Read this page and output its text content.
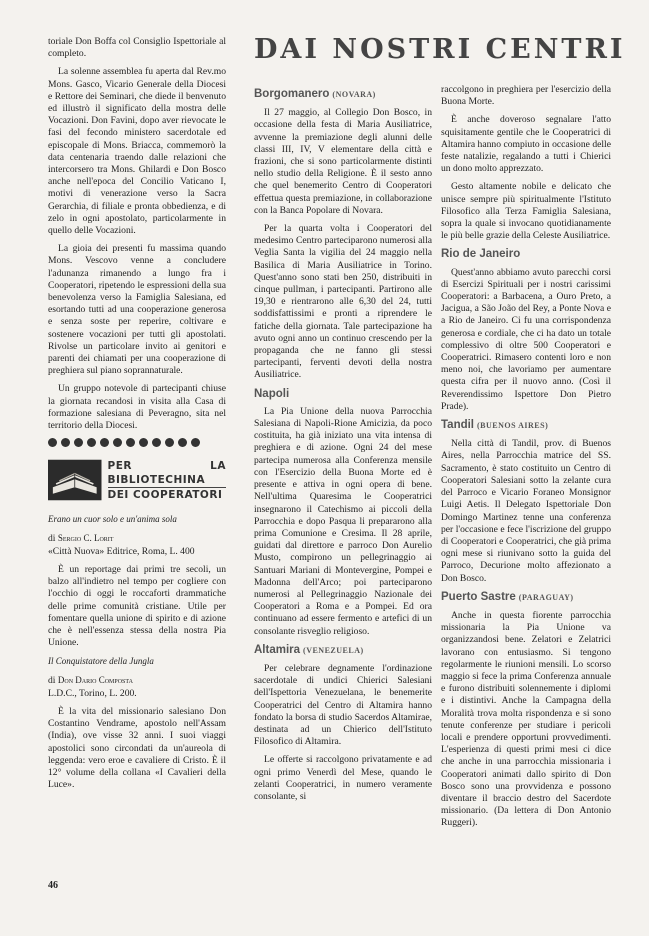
DAI NOSTRI CENTRI

toriale Don Boffa col Consiglio Ispettoriale al completo.

La solenne assemblea fu aperta dal Rev.mo Mons. Gasco, Vicario Generale della Diocesi e Rettore dei Seminari, che diede il benvenuto ed illustrò il significato della mostra delle Vocazioni. Don Favini, dopo aver rievocate le fasi del fecondo ministero sacerdotale ed episcopale di Mons. Briacca, commemorò la data centenaria traendo dalle relazioni che intercorsero tra Mons. Ghilardi e Don Bosco anche nell'epoca del Concilio Vaticano I, motivi di venerazione verso la Sacra Gerarchia, di filiale e pronta obbedienza, e di zelo in ogni apostolato, particolarmente in quello delle Vocazioni.

La gioia dei presenti fu massima quando Mons. Vescovo venne a concludere l'adunanza rimanendo a lungo fra i Cooperatori, ripetendo le espressioni della sua benevolenza verso la Famiglia Salesiana, ed esortando tutti ad una cooperazione generosa e senza soste per reperire, coltivare e sostenere vocazioni per tutti gli apostolati. Rivolse un particolare invito ai genitori e parenti dei chiamati per una cooperazione di preghiera sul piano soprannaturale.

Un gruppo notevole di partecipanti chiuse la giornata recandosi in visita alla Casa di formazione salesiana di Peveragno, sita nel territorio della Diocesi.

PER LA BIBLIOTECHINA
DEI COOPERATORI

Erano un cuor solo e un'anima sola

di Sergio C. Lorit

«Città Nuova» Editrice, Roma, L. 400

È un reportage dai primi tre secoli, un balzo all'indietro nel tempo per cogliere con l'occhio di oggi le roccaforti drammatiche delle prime comunità cristiane. Utile per fomentare quella unione di spirito e di azione che è nell'essenza stessa della nostra Pia Unione.

Il Conquistatore della Jungla

di Don Dario Composta

L.D.C., Torino, L. 200.

È la vita del missionario salesiano Don Costantino Vendrame, apostolo nell'Assam (India), ove visse 32 anni. I suoi viaggi apostolici sono circondati da un'aureola di leggenda: vero eroe e cavaliere di Cristo. È il 12° volume della collana «I Cavalieri della Luce».

Borgomanero (NOVARA)

Il 27 maggio, al Collegio Don Bosco, in occasione della festa di Maria Ausiliatrice, avvenne la premiazione degli alunni delle classi III, IV, V elementare della città e frazioni, che si sono particolarmente distinti nello studio della Religione. È il sesto anno che quel benemerito Centro di Cooperatori effettua questa premiazione, in collaborazione con la Banca Popolare di Novara.

Per la quarta volta i Cooperatori del medesimo Centro parteciparono numerosi alla Veglia Santa la vigilia del 24 maggio nella Basilica di Maria Ausiliatrice in Torino. Quest'anno sono stati ben 250, distribuiti in cinque pullman, i partecipanti. Partirono alle 19,30 e rientrarono alle 6,30 del 24, tutti soddisfattissimi e pronti a riprendere le fatiche della giornata. Tale partecipazione ha avuto ogni anno un continuo crescendo per la propaganda che ne fanno gli stessi partecipanti, ferventi devoti della nostra Ausiliatrice.

Napoli

La Pia Unione della nuova Parrocchia Salesiana di Napoli-Rione Amicizia, da poco costituita, ha già iniziato una vita intensa di preghiera e di azione. Ogni 24 del mese partecipa numerosa alla Conferenza mensile con l'Esercizio della Buona Morte ed è presente e attiva in ogni opera di bene. Nell'ultima Quaresima le Cooperatrici insegnarono il Catechismo ai piccoli della Parrocchia e dopo Pasqua li prepararono alla prima Comunione e Cresima. Il 28 aprile, guidati dal direttore e parroco Don Aurelio Musto, compirono un pellegrinaggio ai Santuari Mariani di Montevergine, Pompei e Madonna dell'Arco; poi parteciparono numerosi al Pellegrinaggio Nazionale dei Cooperatori a Roma e a Pompei. Ed ora continuano ad essere fermento e artefici di un consolante risveglio religioso.

Altamira (VENEZUELA)

Per celebrare degnamente l'ordinazione sacerdotale di undici Chierici Salesiani dell'Ispettoria Venezuelana, le benemerite Cooperatrici del Centro di Altamira hanno fondato la borsa di studio Sacerdos Altamirae, destinata ad un Chierico dell'Istituto Filosofico di Altamira.

Le offerte si raccolgono privatamente e ad ogni primo Venerdì del Mese, quando le zelanti Cooperatrici, in numero veramente consolante, si

raccolgono in preghiera per l'esercizio della Buona Morte.

È anche doveroso segnalare l'atto squisitamente gentile che le Cooperatrici di Altamira hanno compiuto in occasione delle feste natalizie, regalando a tutti i Chierici un dono molto apprezzato.

Gesto altamente nobile e delicato che unisce sempre più spiritualmente l'Istituto Filosofico alla Terza Famiglia Salesiana, sopra la quale si invocano quotidianamente le più belle grazie della Celeste Ausiliatrice.

Rio de Janeiro

Quest'anno abbiamo avuto parecchi corsi di Esercizi Spirituali per i nostri carissimi Cooperatori: a Barbacena, a Ouro Preto, a Jacigua, a São João del Rey, a Ponte Nova e a Rio de Janeiro. Ci fu una corrispondenza generosa e cordiale, che ci ha dato un totale complessivo di oltre 500 Cooperatori e Cooperatrici. Rimasero contenti loro e non meno noi, che lavoriamo per aumentare questa cifra per il nuovo anno. (Così il Reverendissimo Ispettore Don Pietro Prade).

Tandil (BUENOS AIRES)

Nella città di Tandil, prov. di Buenos Aires, nella Parrocchia matrice del SS. Sacramento, è stato costituito un Centro di Cooperatori Salesiani sotto la zelante cura del Parroco e Vicario Foraneo Monsignor Luigi Aetis. Il Delegato Ispettoriale Don Domingo Martinez tenne una conferenza per l'occasione e fece l'iscrizione del gruppo di Cooperatori e Cooperatrici, che già prima ogni mese si riunivano sotto la guida del Parroco, Decurione molto affezionato a Don Bosco.

Puerto Sastre (PARAGUAY)

Anche in questa fiorente parrocchia missionaria la Pia Unione va organizzandosi bene. Zelatori e Zelatrici lavorano con entusiasmo. Si tengono regolarmente le riunioni mensili. Lo scorso maggio si fece la prima Conferenza annuale e furono distribuiti solennemente i diplomi e i distintivi. Anche la Campagna della Moralità trova molta rispondenza e si sono tenute conferenze per studiare i pericoli locali e prendere opportuni provvedimenti. L'esperienza di questi primi mesi ci dice che anche in una parrocchia missionaria i Cooperatori animati dallo spirito di Don Bosco sono una provvidenza e possono diventare il braccio destro del Sacerdote missionario. (Da lettera di Don Antonio Ruggeri).

46
